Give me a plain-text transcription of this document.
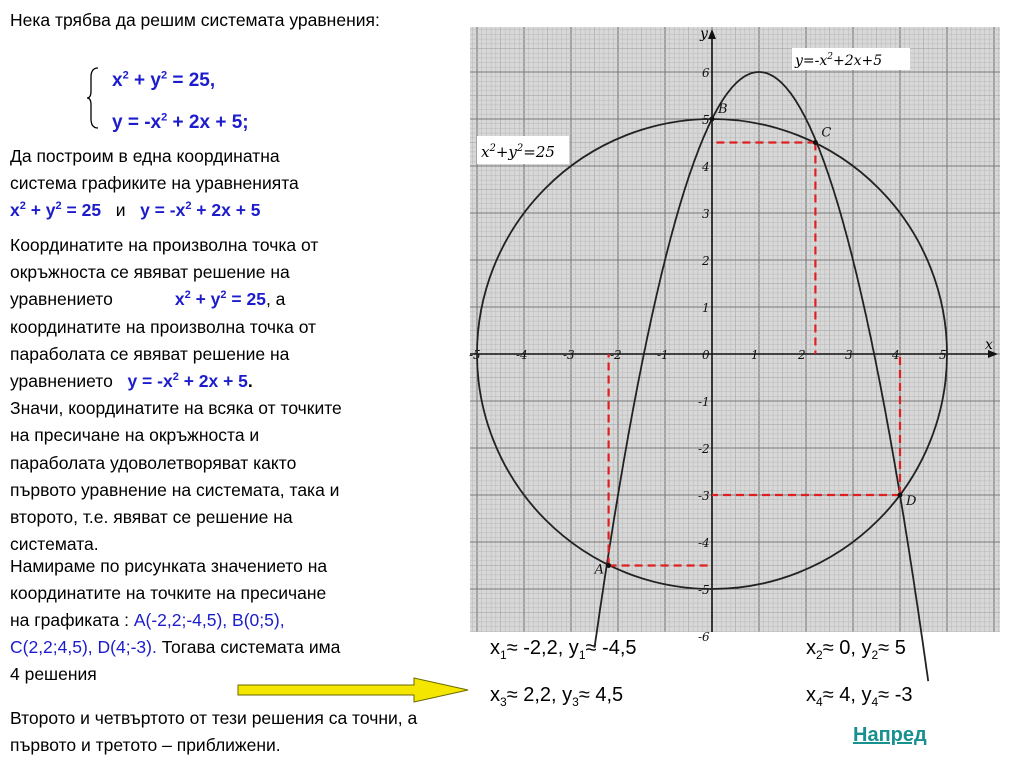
Нека трябва да решим системата уравнения:
$x^2 + y^2 = 25$,
$y = -x^2 + 2x + 5$;
Да построим в една координатна
система графиките на уравненията
$x^2 + y^2 = 25$ и $y = -x^2 + 2x + 5$
Координатите на произволна точка от
окръжноста се явяват решение на
уравнението	$x^2 + y^2 = 25$, а
координатите на произволна точка от
параболата се явяват решение на
уравнението $y = -x^2 + 2x + 5$.
Значи, координатите на всяка от точките
на пресичане на окръжноста и
параболата удоволетворяват както
първото уравнение на системата, така и
второто, т.е. явяват се решение на
системата.
Намираме по рисунката значението на
координатите на точките на пресичане
на графиката : А(-2,2;-4,5), В(0;5),
С(2,2;4,5), D(4;-3). Тогава системата има
4 решения
Второто и четвъртото от тези решения са точни, а
първото и третото – приближени.
$x_1\approx -2,2$, $y_1\approx -4,5$	$x_2\approx 0$, $y_2\approx 5$
$x_3\approx 2,2$, $y_3\approx 4,5$	$x_4\approx 4$, $y_4\approx -3$
Напред
x
y
-5	-4	-3	-2	-1	0	1	2	3	4	5
6
5
4
3
2
1
-1
-2
-3
-4
-5
-6
A
B
C
D
$x^2+y^2=25$
$y=-x^2+2x+5$
